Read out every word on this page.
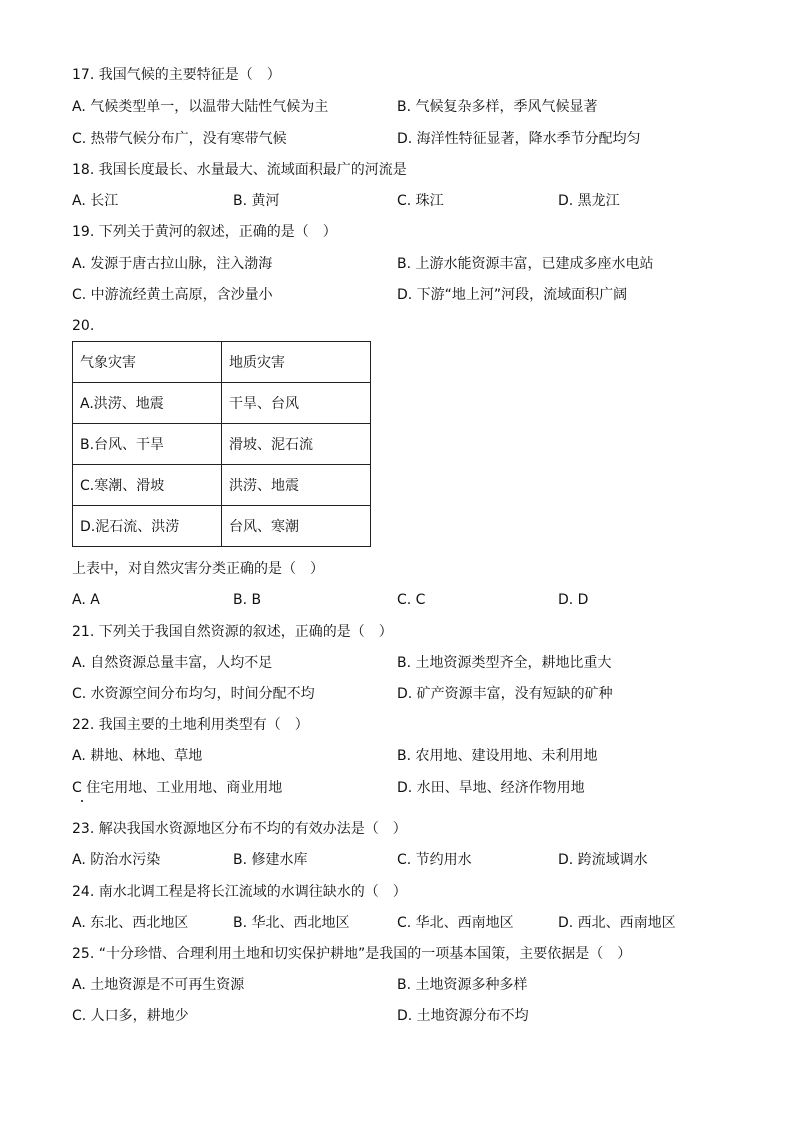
17. 我国气候的主要特征是（　）
A. 气候类型单一，以温带大陆性气候为主	B. 气候复杂多样，季风气候显著
C. 热带气候分布广，没有寒带气候	D. 海洋性特征显著，降水季节分配均匀
18. 我国长度最长、水量最大、流域面积最广的河流是
A. 长江	B. 黄河	C. 珠江	D. 黑龙江
19. 下列关于黄河的叙述，正确的是（　）
A. 发源于唐古拉山脉，注入渤海	B. 上游水能资源丰富，已建成多座水电站
C. 中游流经黄土高原，含沙量小	D. 下游“地上河”河段，流域面积广阔
20.
气象灾害	地质灾害
A.洪涝、地震	干旱、台风
B.台风、干旱	滑坡、泥石流
C.寒潮、滑坡	洪涝、地震
D.泥石流、洪涝	台风、寒潮
上表中，对自然灾害分类正确的是（　）
A. A	B. B	C. C	D. D
21. 下列关于我国自然资源的叙述，正确的是（　）
A. 自然资源总量丰富，人均不足	B. 土地资源类型齐全，耕地比重大
C. 水资源空间分布均匀，时间分配不均	D. 矿产资源丰富，没有短缺的矿种
22. 我国主要的土地利用类型有（　）
A. 耕地、林地、草地	B. 农用地、建设用地、未利用地
C 住宅用地、工业用地、商业用地	D. 水田、旱地、经济作物用地
23. 解决我国水资源地区分布不均的有效办法是（　）
A. 防治水污染	B. 修建水库	C. 节约用水	D. 跨流域调水
24. 南水北调工程是将长江流域的水调往缺水的（　）
A. 东北、西北地区	B. 华北、西北地区	C. 华北、西南地区	D. 西北、西南地区
25. “十分珍惜、合理利用土地和切实保护耕地”是我国的一项基本国策，主要依据是（　）
A. 土地资源是不可再生资源	B. 土地资源多种多样
C. 人口多，耕地少	D. 土地资源分布不均
